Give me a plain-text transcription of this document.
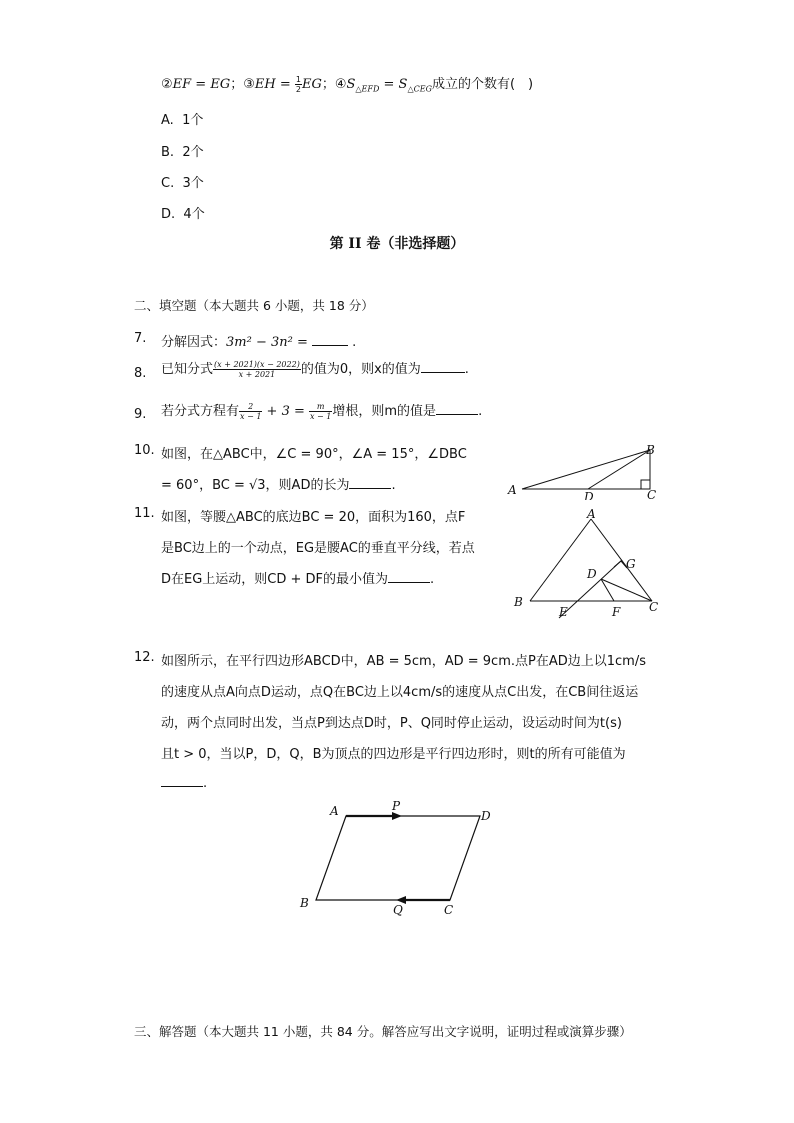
②EF = EG；③EH = $\frac{1}{2}$ EG；$④S_{\triangle EFD} = S_{\triangle CEG}$成立的个数有(　)
A. 1个
B. 2个
C. 3个
D. 4个
第 II 卷（非选择题）
二、填空题（本大题共 6 小题，共 18 分）
7. 分解因式：3m² − 3n² =	.
8. 已知分式 $\frac{(x + 2021)(x - 2022)}{x + 2021}$ 的值为0，则x的值为	.
9. 若分式方程有 $\frac{2}{x - 1} + 3 = \frac{m}{x - 1}$ 增根，则m的值是	.
10. 如图，在△ABC中，∠C = 90°，∠A = 15°，∠DBC
= 60°，BC = √3，则AD的长为	.	A
B
C
D
11. 如图，等腰△ABC的底边BC = 20，面积为160，点F
是BC边上的一个动点，EG是腰AC的垂直平分线，若点
D在EG上运动，则CD + DF的最小值为	.
A
B	C
D
E	F
G
12. 如图所示，在平行四边形ABCD中，AB = 5cm，AD = 9cm.点P在AD边上以1cm/s
的速度从点A向点D运动，点Q在BC边上以4cm/s的速度从点C出发，在CB间往返运
动，两个点同时出发，当点P到达点D时，P、Q同时停止运动，设运动时间为t(s)
且t > 0，当以P，D，Q，B为顶点的四边形是平行四边形时，则t的所有可能值为
.
A	P
D
B	Q	C
三、解答题（本大题共 11 小题，共 84 分。解答应写出文字说明，证明过程或演算步骤）
